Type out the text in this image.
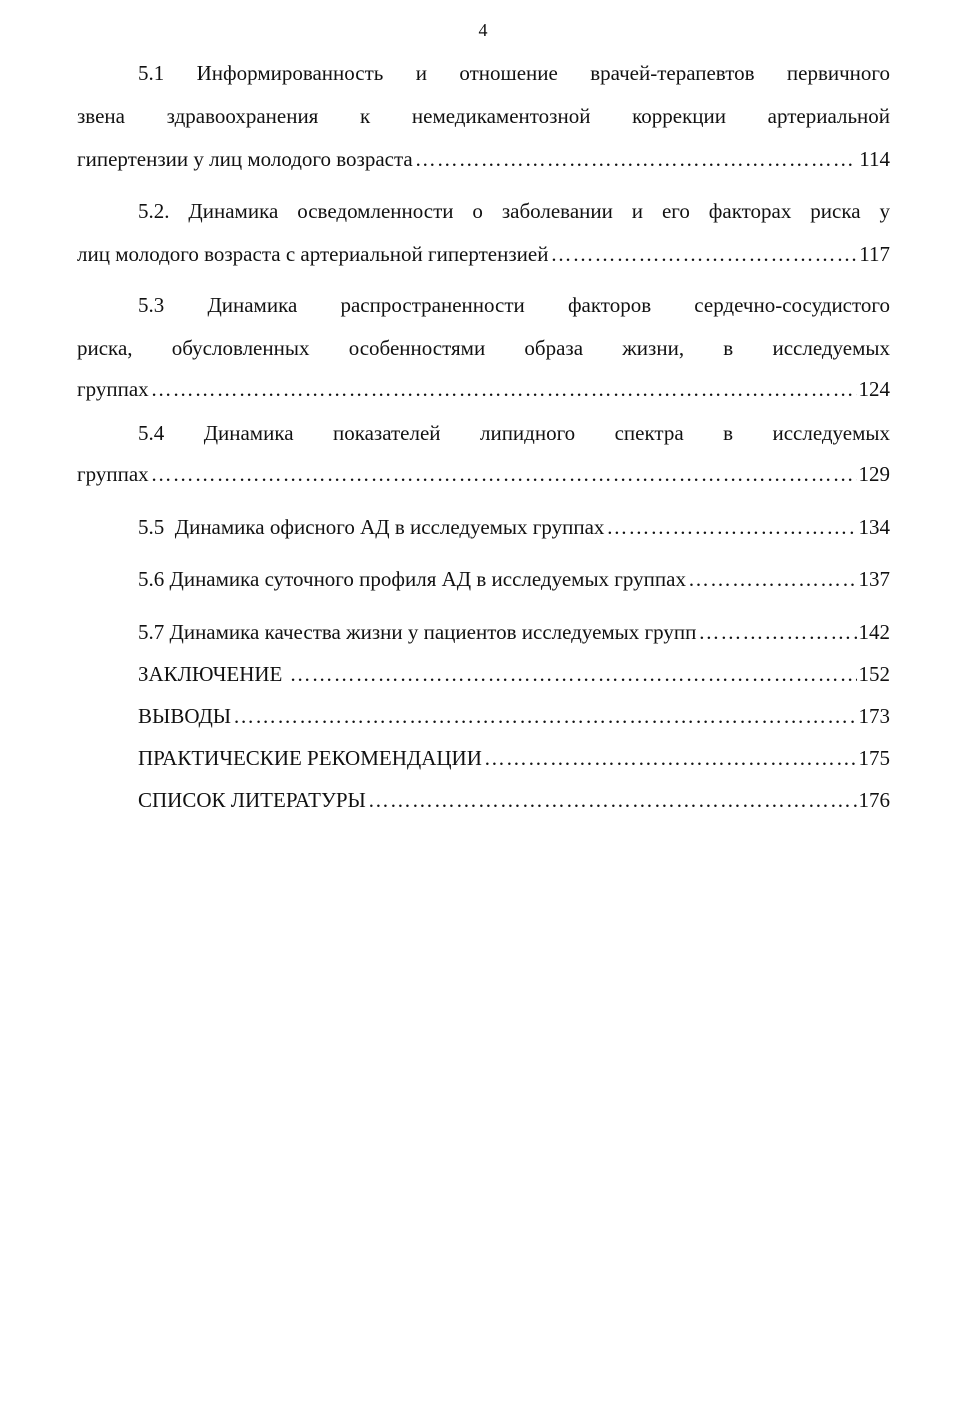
4
5.1 Информированность и отношение врачей-терапевтов первичного
звена здравоохранения к немедикаментозной коррекции артериальной
гипертензии у лиц молодого возраста …………………………………………………………………………………………………………………………………………………………………………………………	114
5.2. Динамика осведомленности о заболевании и его факторах риска у
лиц молодого возраста с артериальной гипертензией …………………………………………………………………………………………………………………………………………………………………………………………	117
5.3 Динамика распространенности факторов сердечно-сосудистого
риска, обусловленных особенностями образа жизни, в исследуемых
группах …………………………………………………………………………………………………………………………………………………………………………………………	124
5.4 Динамика показателей липидного спектра в исследуемых
группах …………………………………………………………………………………………………………………………………………………………………………………………	129
5.5  Динамика офисного АД в исследуемых группах …………………………………………………………………………………………………………………………………………………………………………………………	134
5.6 Динамика суточного профиля АД в исследуемых группах …………………………………………………………………………………………………………………………………………………………………………………………	137
5.7 Динамика качества жизни у пациентов исследуемых групп …………………………………………………………………………………………………………………………………………………………………………………………	142
ЗАКЛЮЧЕНИЕ …………………………………………………………………………………………………………………………………………………………………………………………	152
ВЫВОДЫ …………………………………………………………………………………………………………………………………………………………………………………………	173
ПРАКТИЧЕСКИЕ РЕКОМЕНДАЦИИ …………………………………………………………………………………………………………………………………………………………………………………………	175
СПИСОК ЛИТЕРАТУРЫ …………………………………………………………………………………………………………………………………………………………………………………………	176
